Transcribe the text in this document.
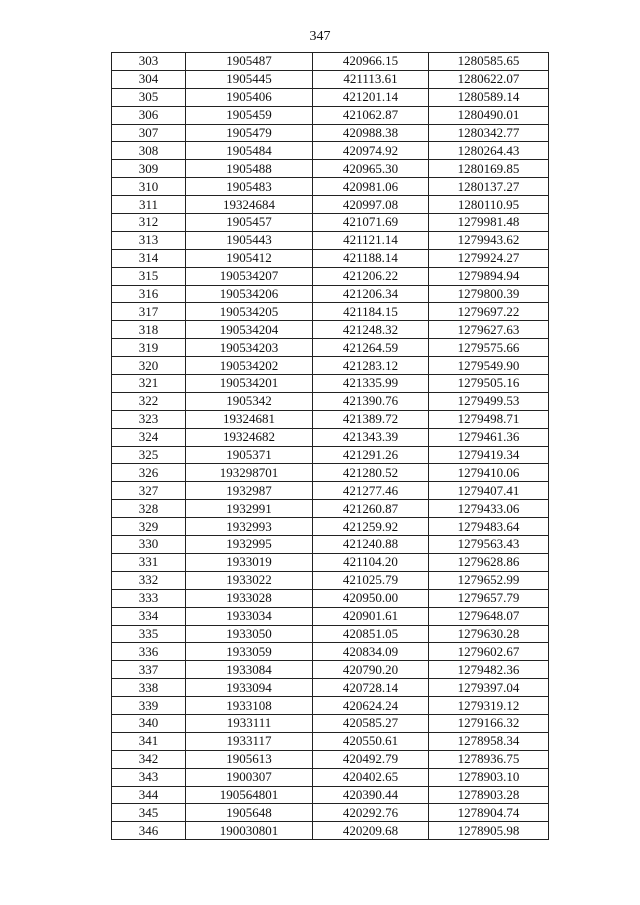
347
303	1905487	420966.15	1280585.65
304	1905445	421113.61	1280622.07
305	1905406	421201.14	1280589.14
306	1905459	421062.87	1280490.01
307	1905479	420988.38	1280342.77
308	1905484	420974.92	1280264.43
309	1905488	420965.30	1280169.85
310	1905483	420981.06	1280137.27
311	19324684	420997.08	1280110.95
312	1905457	421071.69	1279981.48
313	1905443	421121.14	1279943.62
314	1905412	421188.14	1279924.27
315	190534207	421206.22	1279894.94
316	190534206	421206.34	1279800.39
317	190534205	421184.15	1279697.22
318	190534204	421248.32	1279627.63
319	190534203	421264.59	1279575.66
320	190534202	421283.12	1279549.90
321	190534201	421335.99	1279505.16
322	1905342	421390.76	1279499.53
323	19324681	421389.72	1279498.71
324	19324682	421343.39	1279461.36
325	1905371	421291.26	1279419.34
326	193298701	421280.52	1279410.06
327	1932987	421277.46	1279407.41
328	1932991	421260.87	1279433.06
329	1932993	421259.92	1279483.64
330	1932995	421240.88	1279563.43
331	1933019	421104.20	1279628.86
332	1933022	421025.79	1279652.99
333	1933028	420950.00	1279657.79
334	1933034	420901.61	1279648.07
335	1933050	420851.05	1279630.28
336	1933059	420834.09	1279602.67
337	1933084	420790.20	1279482.36
338	1933094	420728.14	1279397.04
339	1933108	420624.24	1279319.12
340	1933111	420585.27	1279166.32
341	1933117	420550.61	1278958.34
342	1905613	420492.79	1278936.75
343	1900307	420402.65	1278903.10
344	190564801	420390.44	1278903.28
345	1905648	420292.76	1278904.74
346	190030801	420209.68	1278905.98
